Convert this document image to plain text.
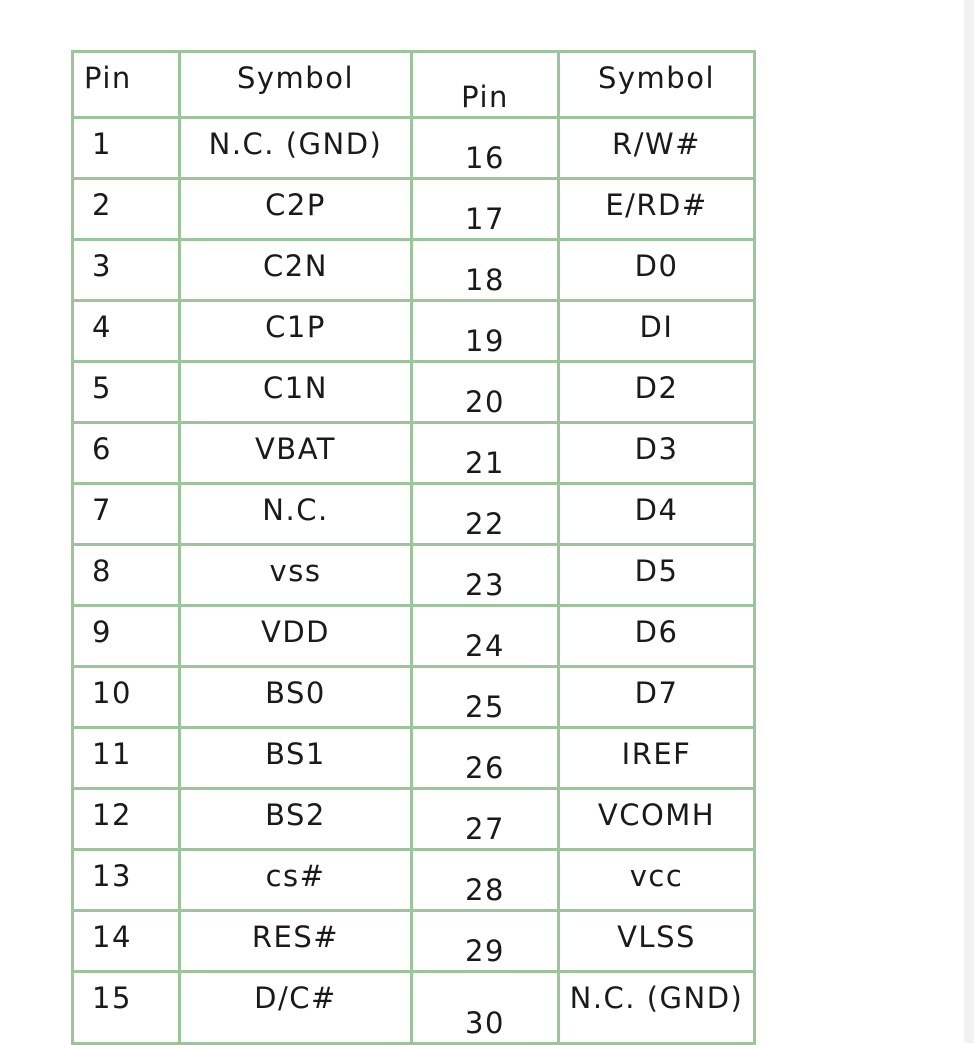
Pin	Symbol	Pin	Symbol
1	N.C. (GND)	16	R/W#
2	C2P	17	E/RD#
3	C2N	18	D0
4	C1P	19	DI
5	C1N	20	D2
6	VBAT	21	D3
7	N.C.	22	D4
8	vss	23	D5
9	VDD	24	D6
10	BS0	25	D7
11	BS1	26	IREF
12	BS2	27	VCOMH
13	cs#	28	vcc
14	RES#	29	VLSS
15	D/C#	30	N.C. (GND)
